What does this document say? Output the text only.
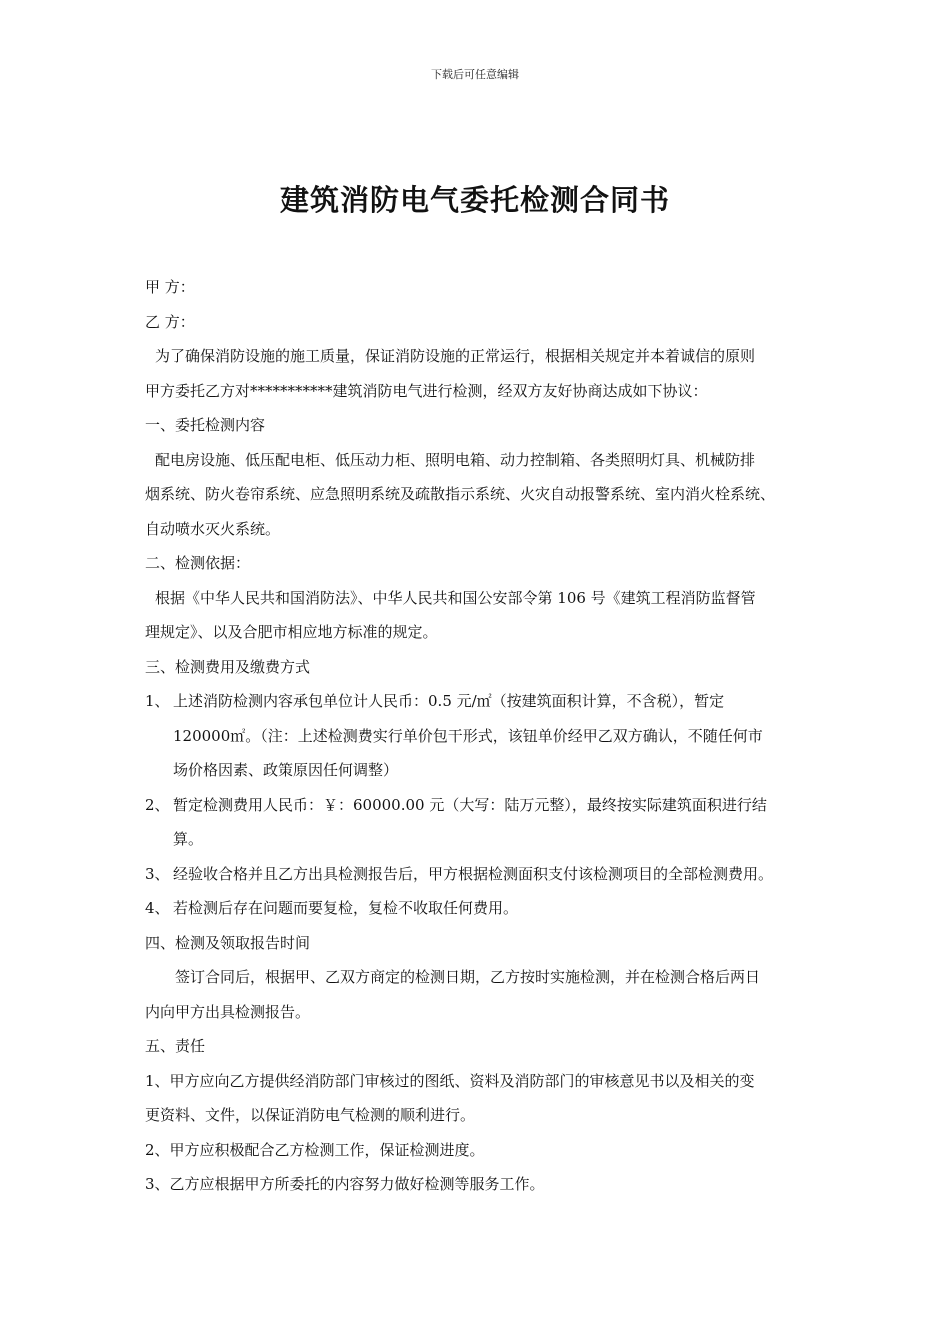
下载后可任意编辑
建筑消防电气委托检测合同书
甲 方：
乙 方：
为了确保消防设施的施工质量，保证消防设施的正常运行，根据相关规定并本着诚信的原则
甲方委托乙方对***********建筑消防电气进行检测，经双方友好协商达成如下协议：
一、委托检测内容
配电房设施、低压配电柜、低压动力柜、照明电箱、动力控制箱、各类照明灯具、机械防排
烟系统、防火卷帘系统、应急照明系统及疏散指示系统、火灾自动报警系统、室内消火栓系统、
自动喷水灭火系统。
二、检测依据：
根据《中华人民共和国消防法》、中华人民共和国公安部令第 106 号《建筑工程消防监督管
理规定》、以及合肥市相应地方标准的规定。
三、检测费用及缴费方式
1、 上述消防检测内容承包单位计人民币：0.5 元/㎡（按建筑面积计算，不含税），暂定
120000㎡。（注：上述检测费实行单价包干形式，该钮单价经甲乙双方确认，不随任何市
场价格因素、政策原因任何调整）
2、 暂定检测费用人民币：￥：60000.00 元（大写：陆万元整），最终按实际建筑面积进行结
算。
3、 经验收合格并且乙方出具检测报告后，甲方根据检测面积支付该检测项目的全部检测费用。
4、 若检测后存在问题而要复检，复检不收取任何费用。
四、检测及领取报告时间
签订合同后，根据甲、乙双方商定的检测日期，乙方按时实施检测，并在检测合格后两日
内向甲方出具检测报告。
五、责任
1、甲方应向乙方提供经消防部门审核过的图纸、资料及消防部门的审核意见书以及相关的变
更资料、文件，以保证消防电气检测的顺利进行。
2、甲方应积极配合乙方检测工作，保证检测进度。
3、乙方应根据甲方所委托的内容努力做好检测等服务工作。
